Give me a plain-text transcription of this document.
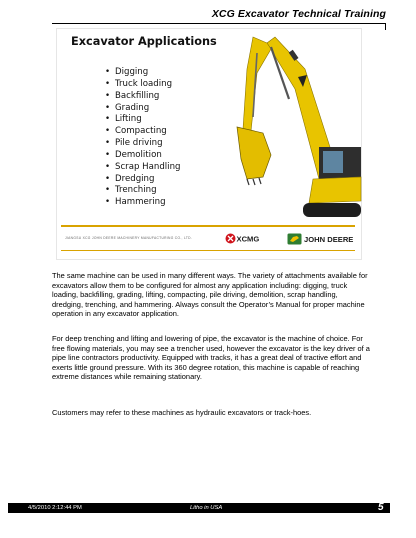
XCG Excavator Technical Training
Excavator Applications
• Digging
• Truck loading
• Backfilling
• Grading
• Lifting
• Compacting
• Pile driving
• Demolition
• Scrap Handling
• Dredging
• Trenching
• Hammering
JIANGSU XCG JOHN DEERE MACHINERY MANUFACTURING CO., LTD.	XCMG	JOHN DEERE

The same machine can be used in many different ways. The variety of attachments available for excavators allow them to be configured for almost any application including: digging, truck loading, backfilling, grading, lifting, compacting, pile driving, demolition, scrap handling, dredging, trenching, and hammering. Always consult the Operator’s Manual for proper machine operation in any excavator application.

For deep trenching and lifting and lowering of pipe, the excavator is the machine of choice. For free flowing materials, you may see a trencher used, however the excavator is the key driver of a pipe line contractors productivity. Equipped with tracks, it has a great deal of tractive effort and exerts little ground pressure. With its 360 degree rotation, this machine is capable of reaching extreme distances while remaining stationary.

Customers may refer to these machines as hydraulic excavators or track-hoes.

4/5/2010 2:12:44 PM	Litho in USA	5
